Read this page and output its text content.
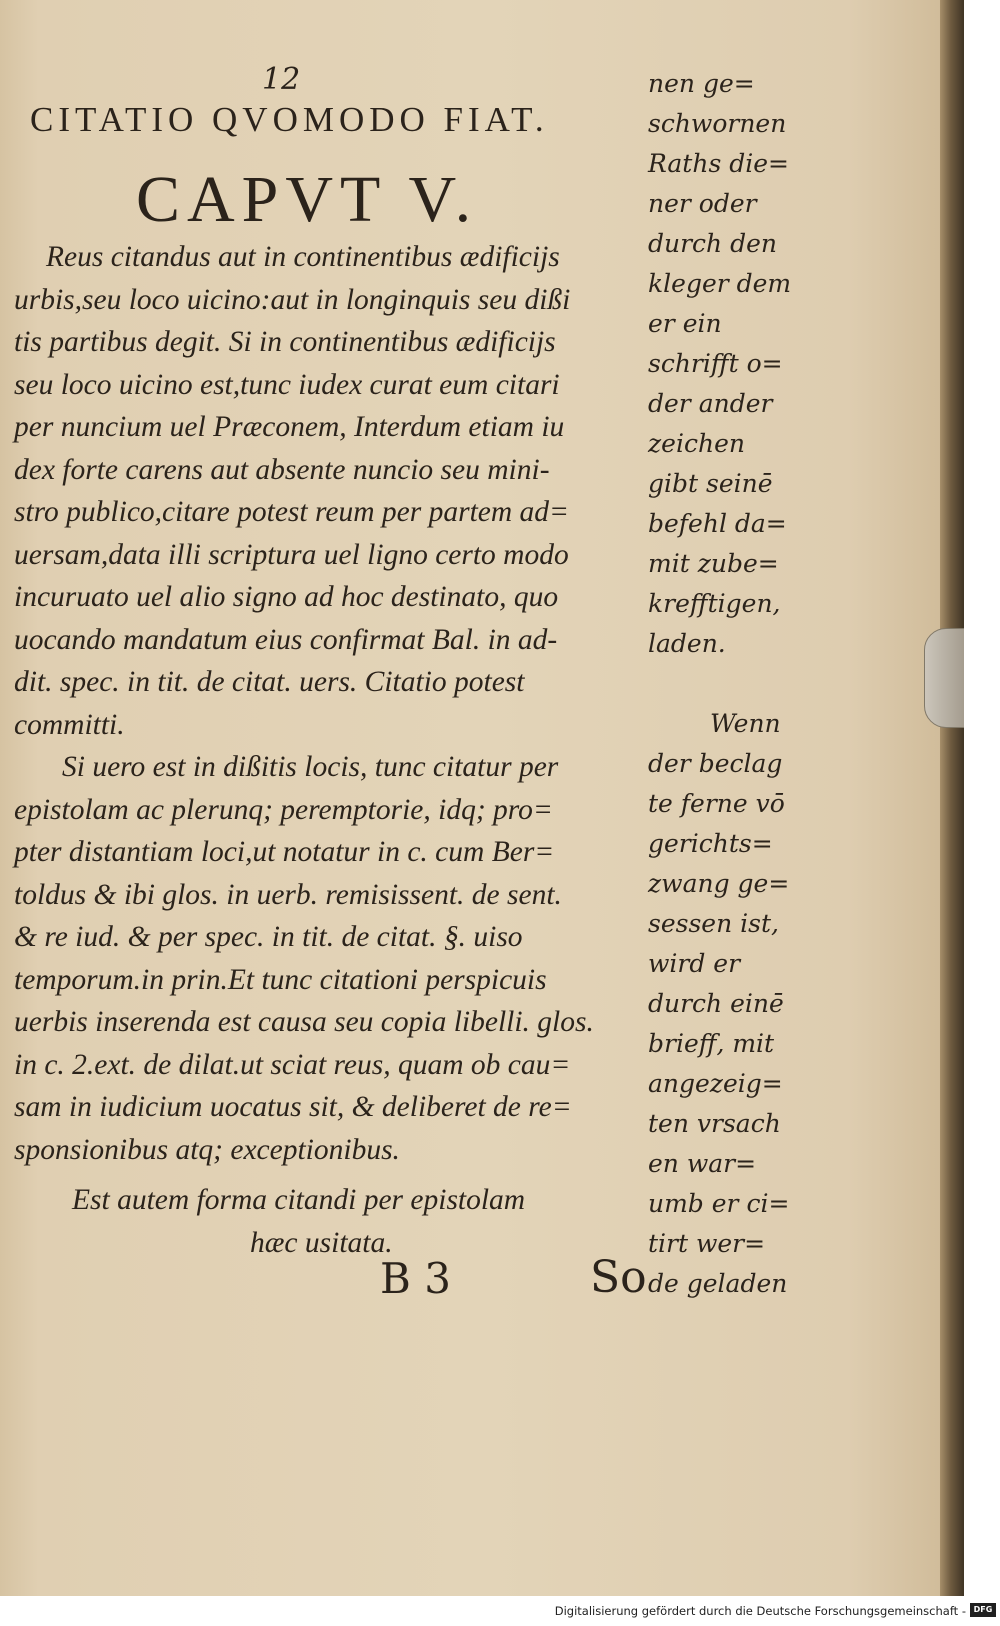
12
CITATIO QVOMODO FIAT.
CAPVT V.
Reus citandus aut in continentibus ædificijs
urbis,seu loco uicino:aut in longinquis seu dißi
tis partibus degit. Si in continentibus ædificijs
seu loco uicino est,tunc iudex curat eum citari
per nuncium uel Præconem, Interdum etiam iu
dex forte carens aut absente nuncio seu mini-
stro publico,citare potest reum per partem ad=
uersam,data illi scriptura uel ligno certo modo
incuruato uel alio signo ad hoc destinato, quo
uocando mandatum eius confirmat Bal. in ad-
dit. spec. in tit. de citat. uers. Citatio potest
committi.
Si uero est in dißitis locis, tunc citatur per
epistolam ac plerunq; peremptorie, idq; pro=
pter distantiam loci,ut notatur in c. cum Ber=
toldus & ibi glos. in uerb. remisissent. de sent.
& re iud. & per spec. in tit. de citat. §. uiso
temporum.in prin.Et tunc citationi perspicuis
uerbis inserenda est causa seu copia libelli. glos.
in c. 2.ext. de dilat.ut sciat reus, quam ob cau=
sam in iudicium uocatus sit, & deliberet de re=
sponsionibus atq; exceptionibus.
Est autem forma citandi per epistolam
hæc usitata.
nen ge=
schwornen
Raths die=
ner oder
durch den
kleger dem
er ein
schrifft o=
der ander
zeichen
gibt seinē
befehl da=
mit zube=
krefftigen,
laden.
Wenn
der beclag
te ferne vō
gerichts=
zwang ge=
sessen ist,
wird er
durch einē
brieff, mit
angezeig=
ten vrsach
en war=
umb er ci=
tirt wer=
de geladen
B 3	So
Digitalisierung gefördert durch die Deutsche Forschungsgemeinschaft - DFG
